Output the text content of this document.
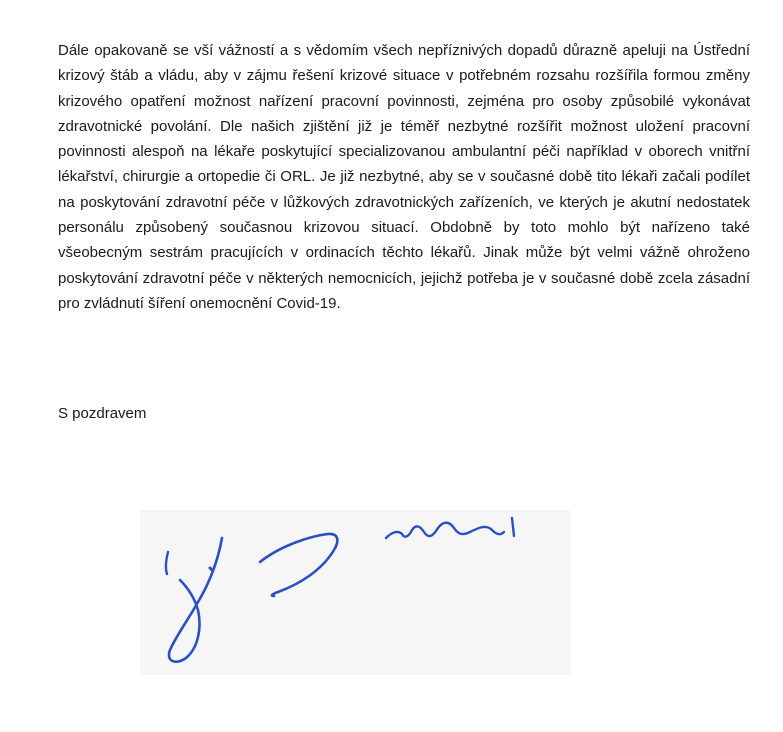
Dále opakovaně se vší vážností a s vědomím všech nepříznivých dopadů důrazně apeluji na Ústřední krizový štáb a vládu, aby v zájmu řešení krizové situace v potřebném rozsahu rozšířila formou změny krizového opatření možnost nařízení pracovní povinnosti, zejména pro osoby způsobilé vykonávat zdravotnické povolání. Dle našich zjištění již je téměř nezbytné rozšířit možnost uložení pracovní povinnosti alespoň na lékaře poskytující specializovanou ambulantní péči například v oborech vnitřní lékařství, chirurgie a ortopedie či ORL. Je již nezbytné, aby se v současné době tito lékaři začali podílet na poskytování zdravotní péče v lůžkových zdravotnických zařízeních, ve kterých je akutní nedostatek personálu způsobený současnou krizovou situací. Obdobně by toto mohlo být nařízeno také všeobecným sestrám pracujících v ordinacích těchto lékařů. Jinak může být velmi vážně ohroženo poskytování zdravotní péče v některých nemocnicích, jejichž potřeba je v současné době zcela zásadní pro zvládnutí šíření onemocnění Covid-19.

S pozdravem
